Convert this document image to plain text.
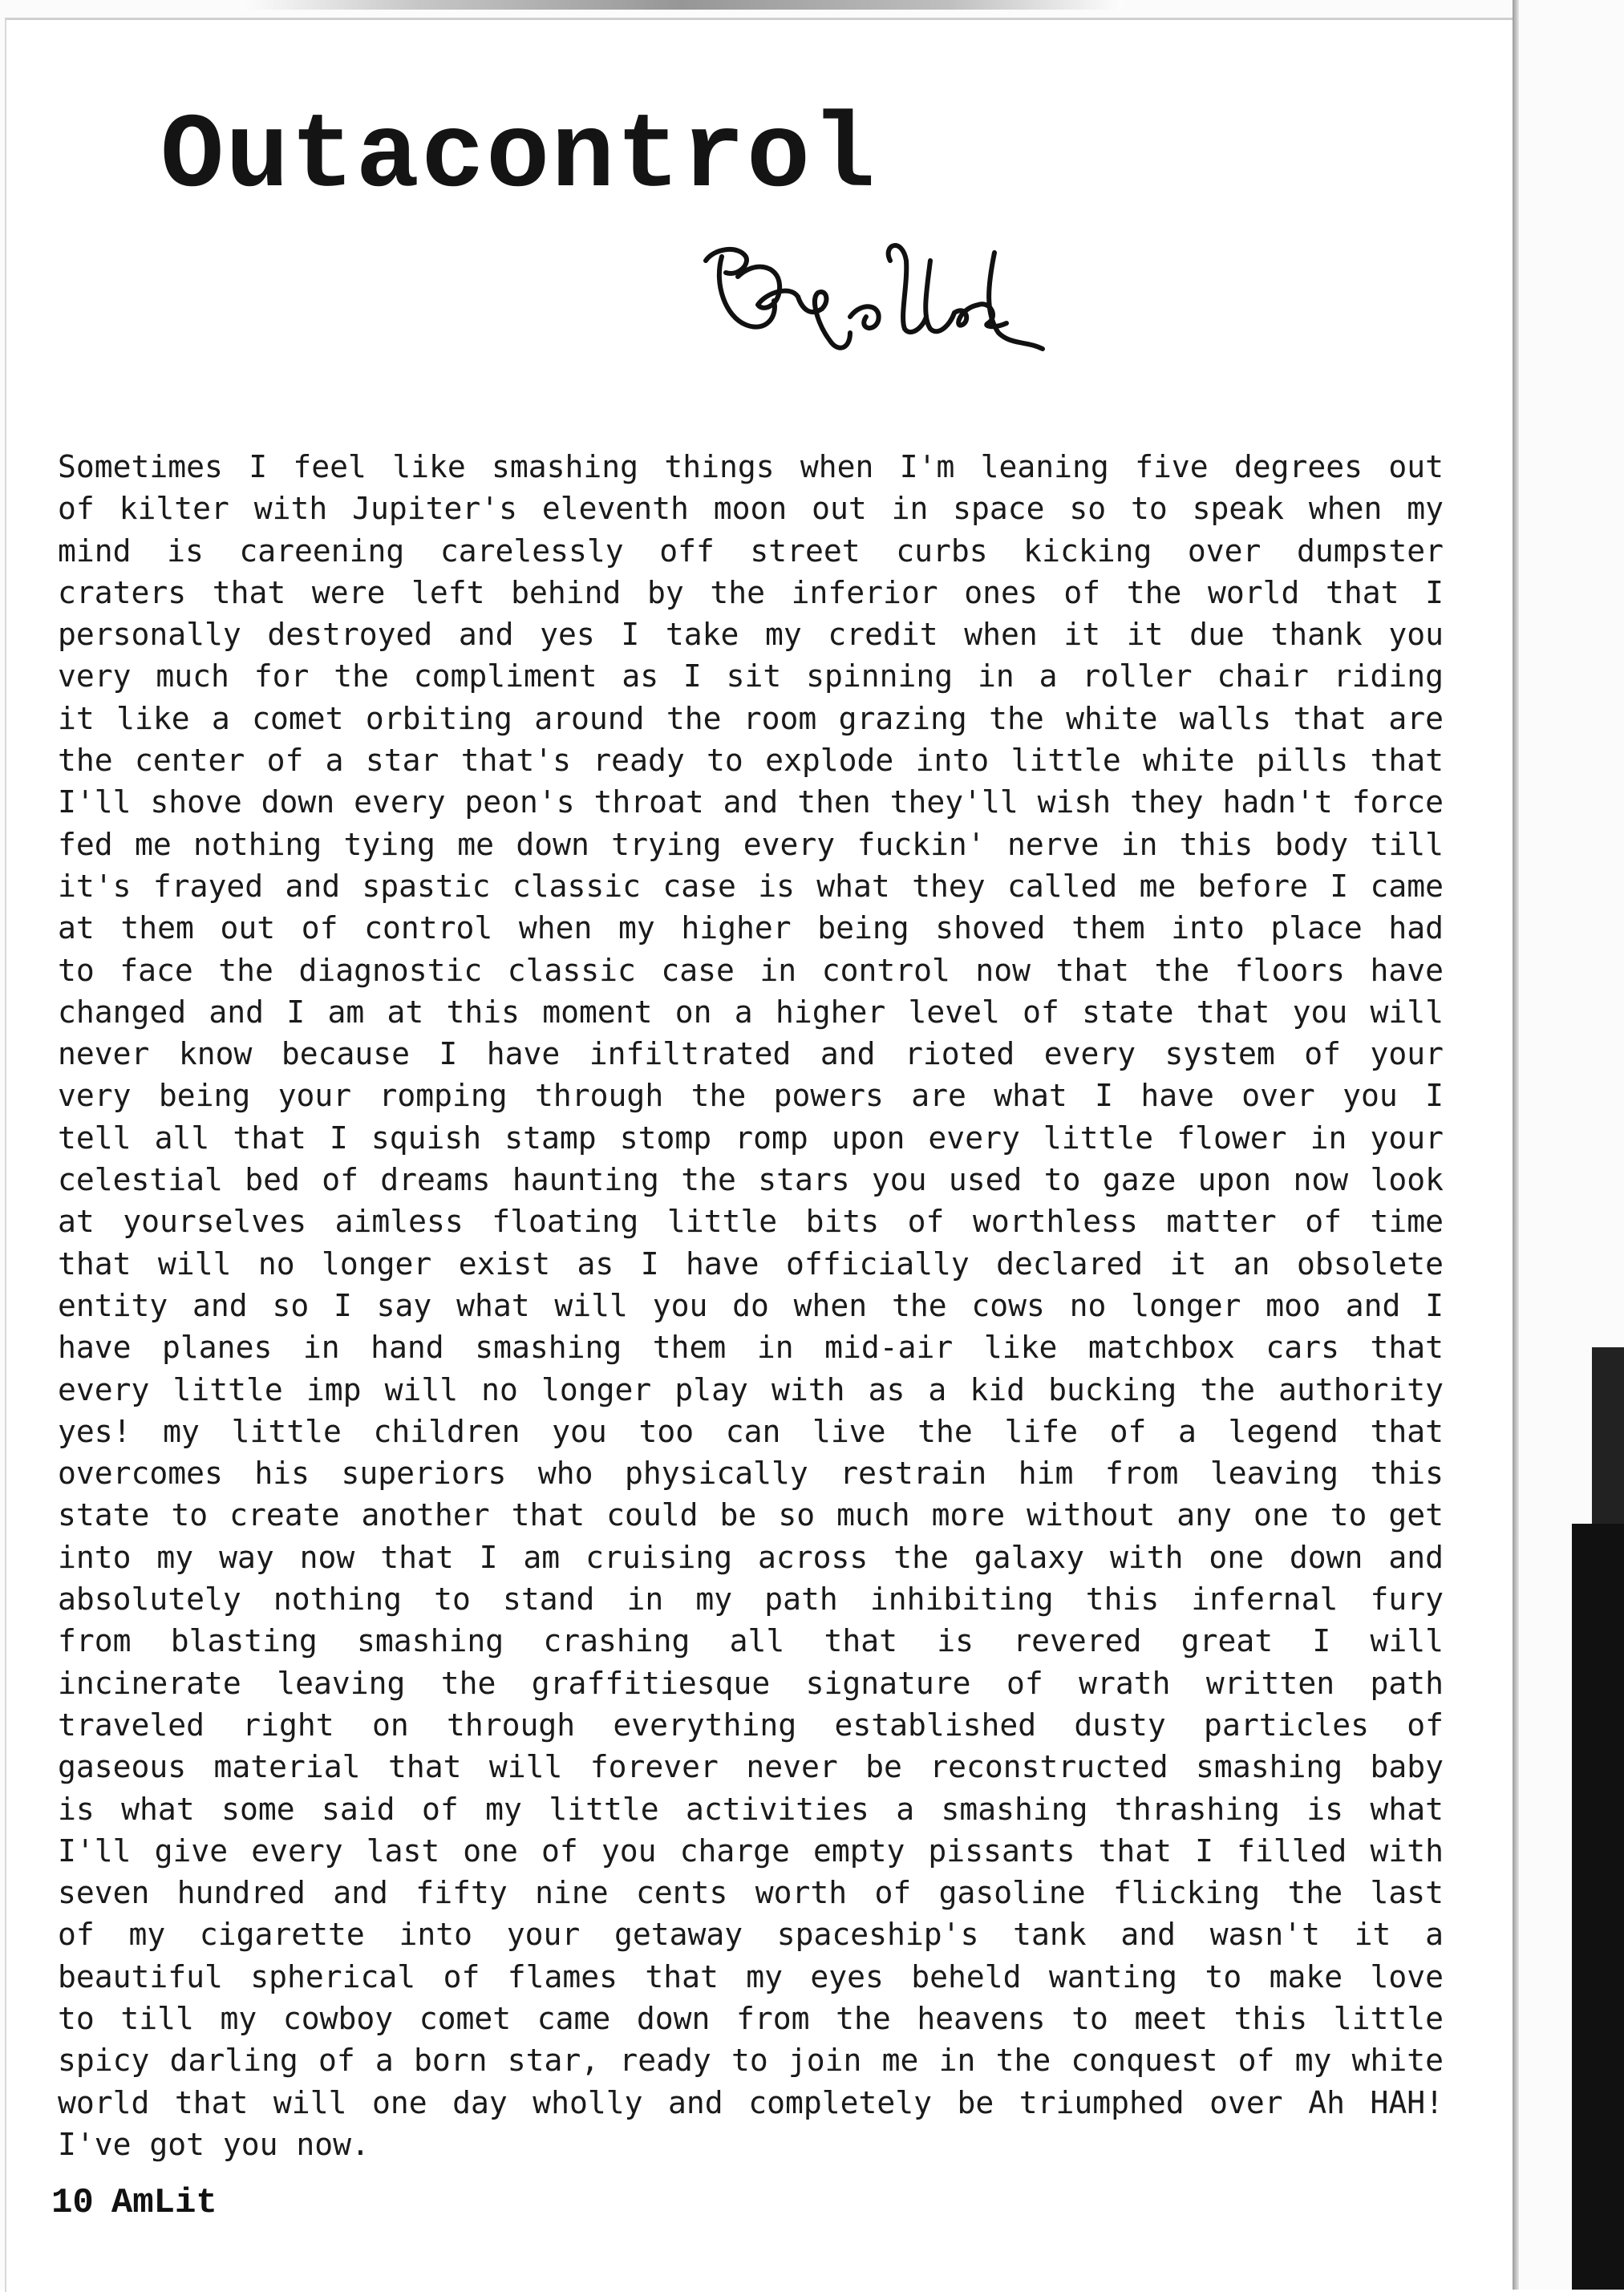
Outacontrol
Sometimes I feel like smashing things when I'm leaning five degrees out
of kilter with Jupiter's eleventh moon out in space so to speak when my
mind is careening carelessly off street curbs kicking over dumpster
craters that were left behind by the inferior ones of the world that I
personally destroyed and yes I take my credit when it it due thank you
very much for the compliment as I sit spinning in a roller chair riding
it like a comet orbiting around the room grazing the white walls that are
the center of a star that's ready to explode into little white pills that
I'll shove down every peon's throat and then they'll wish they hadn't force
fed me nothing tying me down trying every fuckin' nerve in this body till
it's frayed and spastic classic case is what they called me before I came
at them out of control when my higher being shoved them into place had
to face the diagnostic classic case in control now that the floors have
changed and I am at this moment on a higher level of state that you will
never know because I have infiltrated and rioted every system of your
very being your romping through the powers are what I have over you I
tell all that I squish stamp stomp romp upon every little flower in your
celestial bed of dreams haunting the stars you used to gaze upon now look
at yourselves aimless floating little bits of worthless matter of time
that will no longer exist as I have officially declared it an obsolete
entity and so I say what will you do when the cows no longer moo and I
have planes in hand smashing them in mid-air like matchbox cars that
every little imp will no longer play with as a kid bucking the authority
yes! my little children you too can live the life of a legend that
overcomes his superiors who physically restrain him from leaving this
state to create another that could be so much more without any one to get
into my way now that I am cruising across the galaxy with one down and
absolutely nothing to stand in my path inhibiting this infernal fury
from blasting smashing crashing all that is revered great I will
incinerate leaving the graffitiesque signature of wrath written path
traveled right on through everything established dusty particles of
gaseous material that will forever never be reconstructed smashing baby
is what some said of my little activities a smashing thrashing is what
I'll give every last one of you charge empty pissants that I filled with
seven hundred and fifty nine cents worth of gasoline flicking the last
of my cigarette into your getaway spaceship's tank and wasn't it a
beautiful spherical of flames that my eyes beheld wanting to make love
to till my cowboy comet came down from the heavens to meet this little
spicy darling of a born star, ready to join me in the conquest of my white
world that will one day wholly and completely be triumphed over Ah HAH!
I've got you now.
10 AmLit
